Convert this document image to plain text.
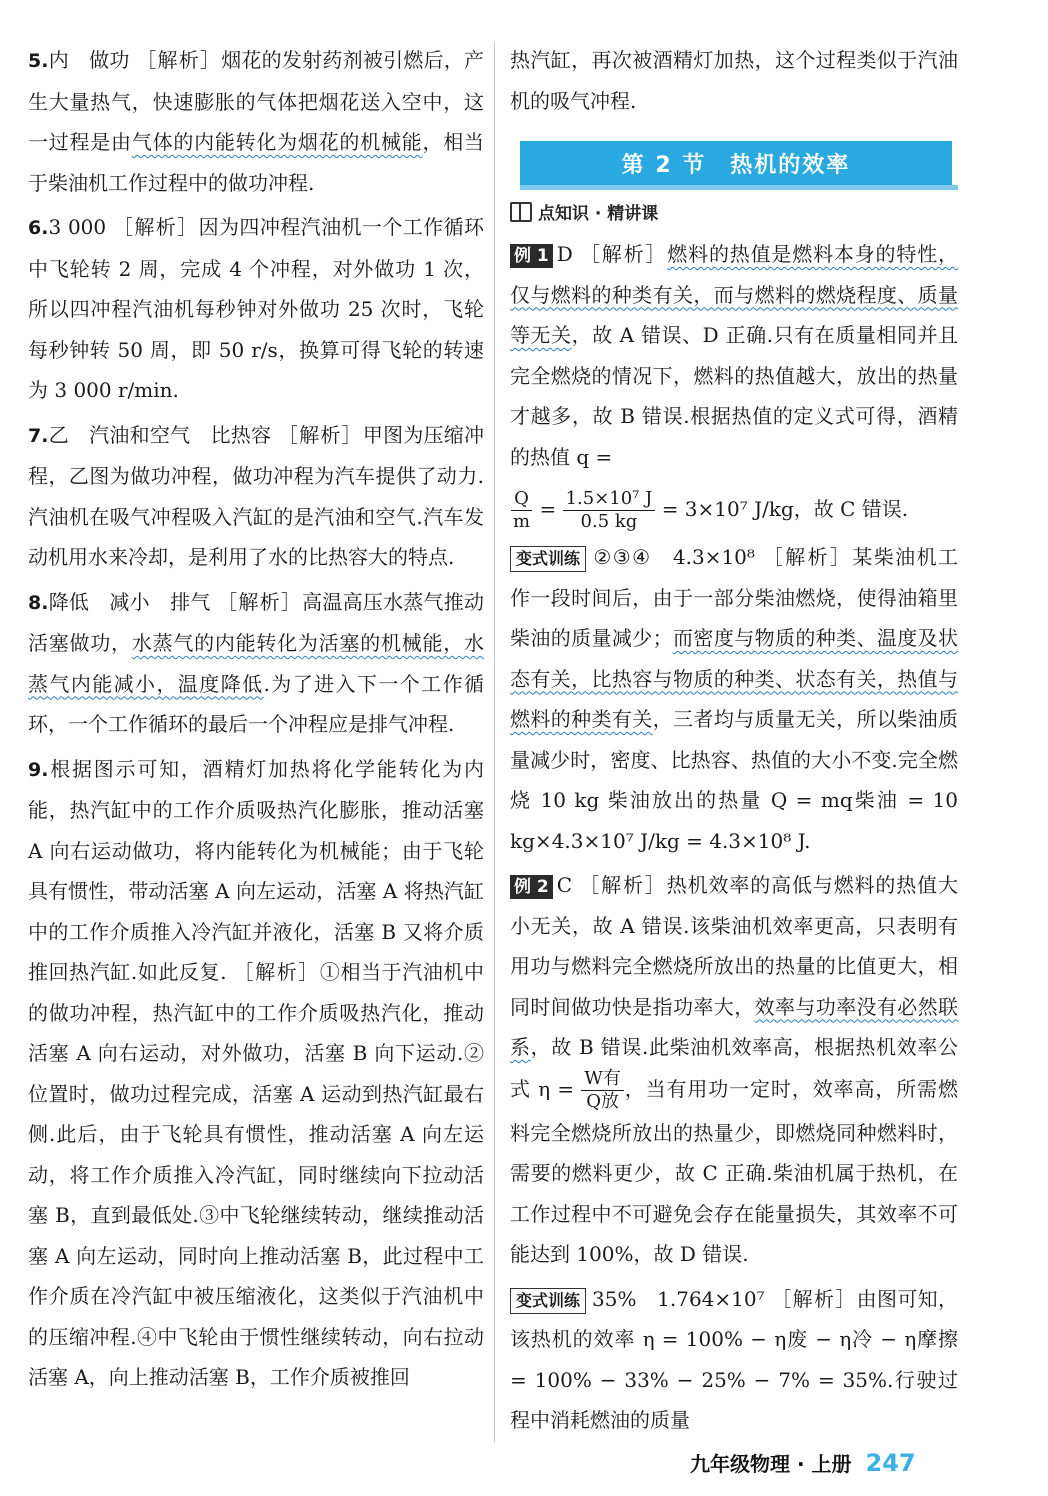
5.内　做功 ［解析］烟花的发射药剂被引燃后，产生大量热气，快速膨胀的气体把烟花送入空中，这一过程是由气体的内能转化为烟花的机械能，相当于柴油机工作过程中的做功冲程.

6.3 000 ［解析］因为四冲程汽油机一个工作循环中飞轮转 2 周，完成 4 个冲程，对外做功 1 次，所以四冲程汽油机每秒钟对外做功 25 次时，飞轮每秒钟转 50 周，即 50 r/s，换算可得飞轮的转速为 3 000 r/min.

7.乙　汽油和空气　比热容 ［解析］甲图为压缩冲程，乙图为做功冲程，做功冲程为汽车提供了动力.汽油机在吸气冲程吸入汽缸的是汽油和空气.汽车发动机用水来冷却，是利用了水的比热容大的特点.

8.降低　减小　排气 ［解析］高温高压水蒸气推动活塞做功，水蒸气的内能转化为活塞的机械能，水蒸气内能减小，温度降低.为了进入下一个工作循环，一个工作循环的最后一个冲程应是排气冲程.

9.根据图示可知，酒精灯加热将化学能转化为内能，热汽缸中的工作介质吸热汽化膨胀，推动活塞 A 向右运动做功，将内能转化为机械能；由于飞轮具有惯性，带动活塞 A 向左运动，活塞 A 将热汽缸中的工作介质推入冷汽缸并液化，活塞 B 又将介质推回热汽缸.如此反复. ［解析］①相当于汽油机中的做功冲程，热汽缸中的工作介质吸热汽化，推动活塞 A 向右运动，对外做功，活塞 B 向下运动.②位置时，做功过程完成，活塞 A 运动到热汽缸最右侧.此后，由于飞轮具有惯性，推动活塞 A 向左运动，将工作介质推入冷汽缸，同时继续向下拉动活塞 B，直到最低处.③中飞轮继续转动，继续推动活塞 A 向左运动，同时向上推动活塞 B，此过程中工作介质在冷汽缸中被压缩液化，这类似于汽油机中的压缩冲程.④中飞轮由于惯性继续转动，向右拉动活塞 A，向上推动活塞 B，工作介质被推回

热汽缸，再次被酒精灯加热，这个过程类似于汽油机的吸气冲程.

第 2 节　热机的效率
点知识 · 精讲课

例 1 D ［解析］燃料的热值是燃料本身的特性，仅与燃料的种类有关，而与燃料的燃烧程度、质量等无关，故 A 错误、D 正确.只有在质量相同并且完全燃烧的情况下，燃料的热值越大，放出的热量才越多，故 B 错误.根据热值的定义式可得，酒精的热值 q =

$\frac{Q}{m} = \frac{\text{1.5×10⁷ J}}{0.5 kg} = 3\times 10^7$ J/kg，故 C 错误.

变式训练 ②③④　4.3×10⁸ ［解析］某柴油机工作一段时间后，由于一部分柴油燃烧，使得油箱里柴油的质量减少；而密度与物质的种类、温度及状态有关，比热容与物质的种类、状态有关，热值与燃料的种类有关，三者均与质量无关，所以柴油质量减少时，密度、比热容、热值的大小不变.完全燃烧 10 kg 柴油放出的热量 Q = mq柴油 = 10 kg×4.3×10⁷ J/kg = 4.3×10⁸ J.

例 2 C ［解析］热机效率的高低与燃料的热值大小无关，故 A 错误.该柴油机效率更高，只表明有用功与燃料完全燃烧所放出的热量的比值更大，相同时间做功快是指功率大，效率与功率没有必然联系，故 B 错误.此柴油机效率高，根据热机效率公式 $\eta = \frac{\text{W有}}{\text{Q放}}$ ，当有用功一定时，效率高，所需燃料完全燃烧所放出的热量少，即燃烧同种燃料时，需要的燃料更少，故 C 正确.柴油机属于热机，在工作过程中不可避免会存在能量损失，其效率不可能达到 100%，故 D 错误.

变式训练 35%　1.764×10⁷ ［解析］由图可知，该热机的效率 η = 100% − η废 − η冷 − η摩擦 = 100% − 33% − 25% − 7% = 35%.行驶过程中消耗燃油的质量

九年级物理 · 上册 247
